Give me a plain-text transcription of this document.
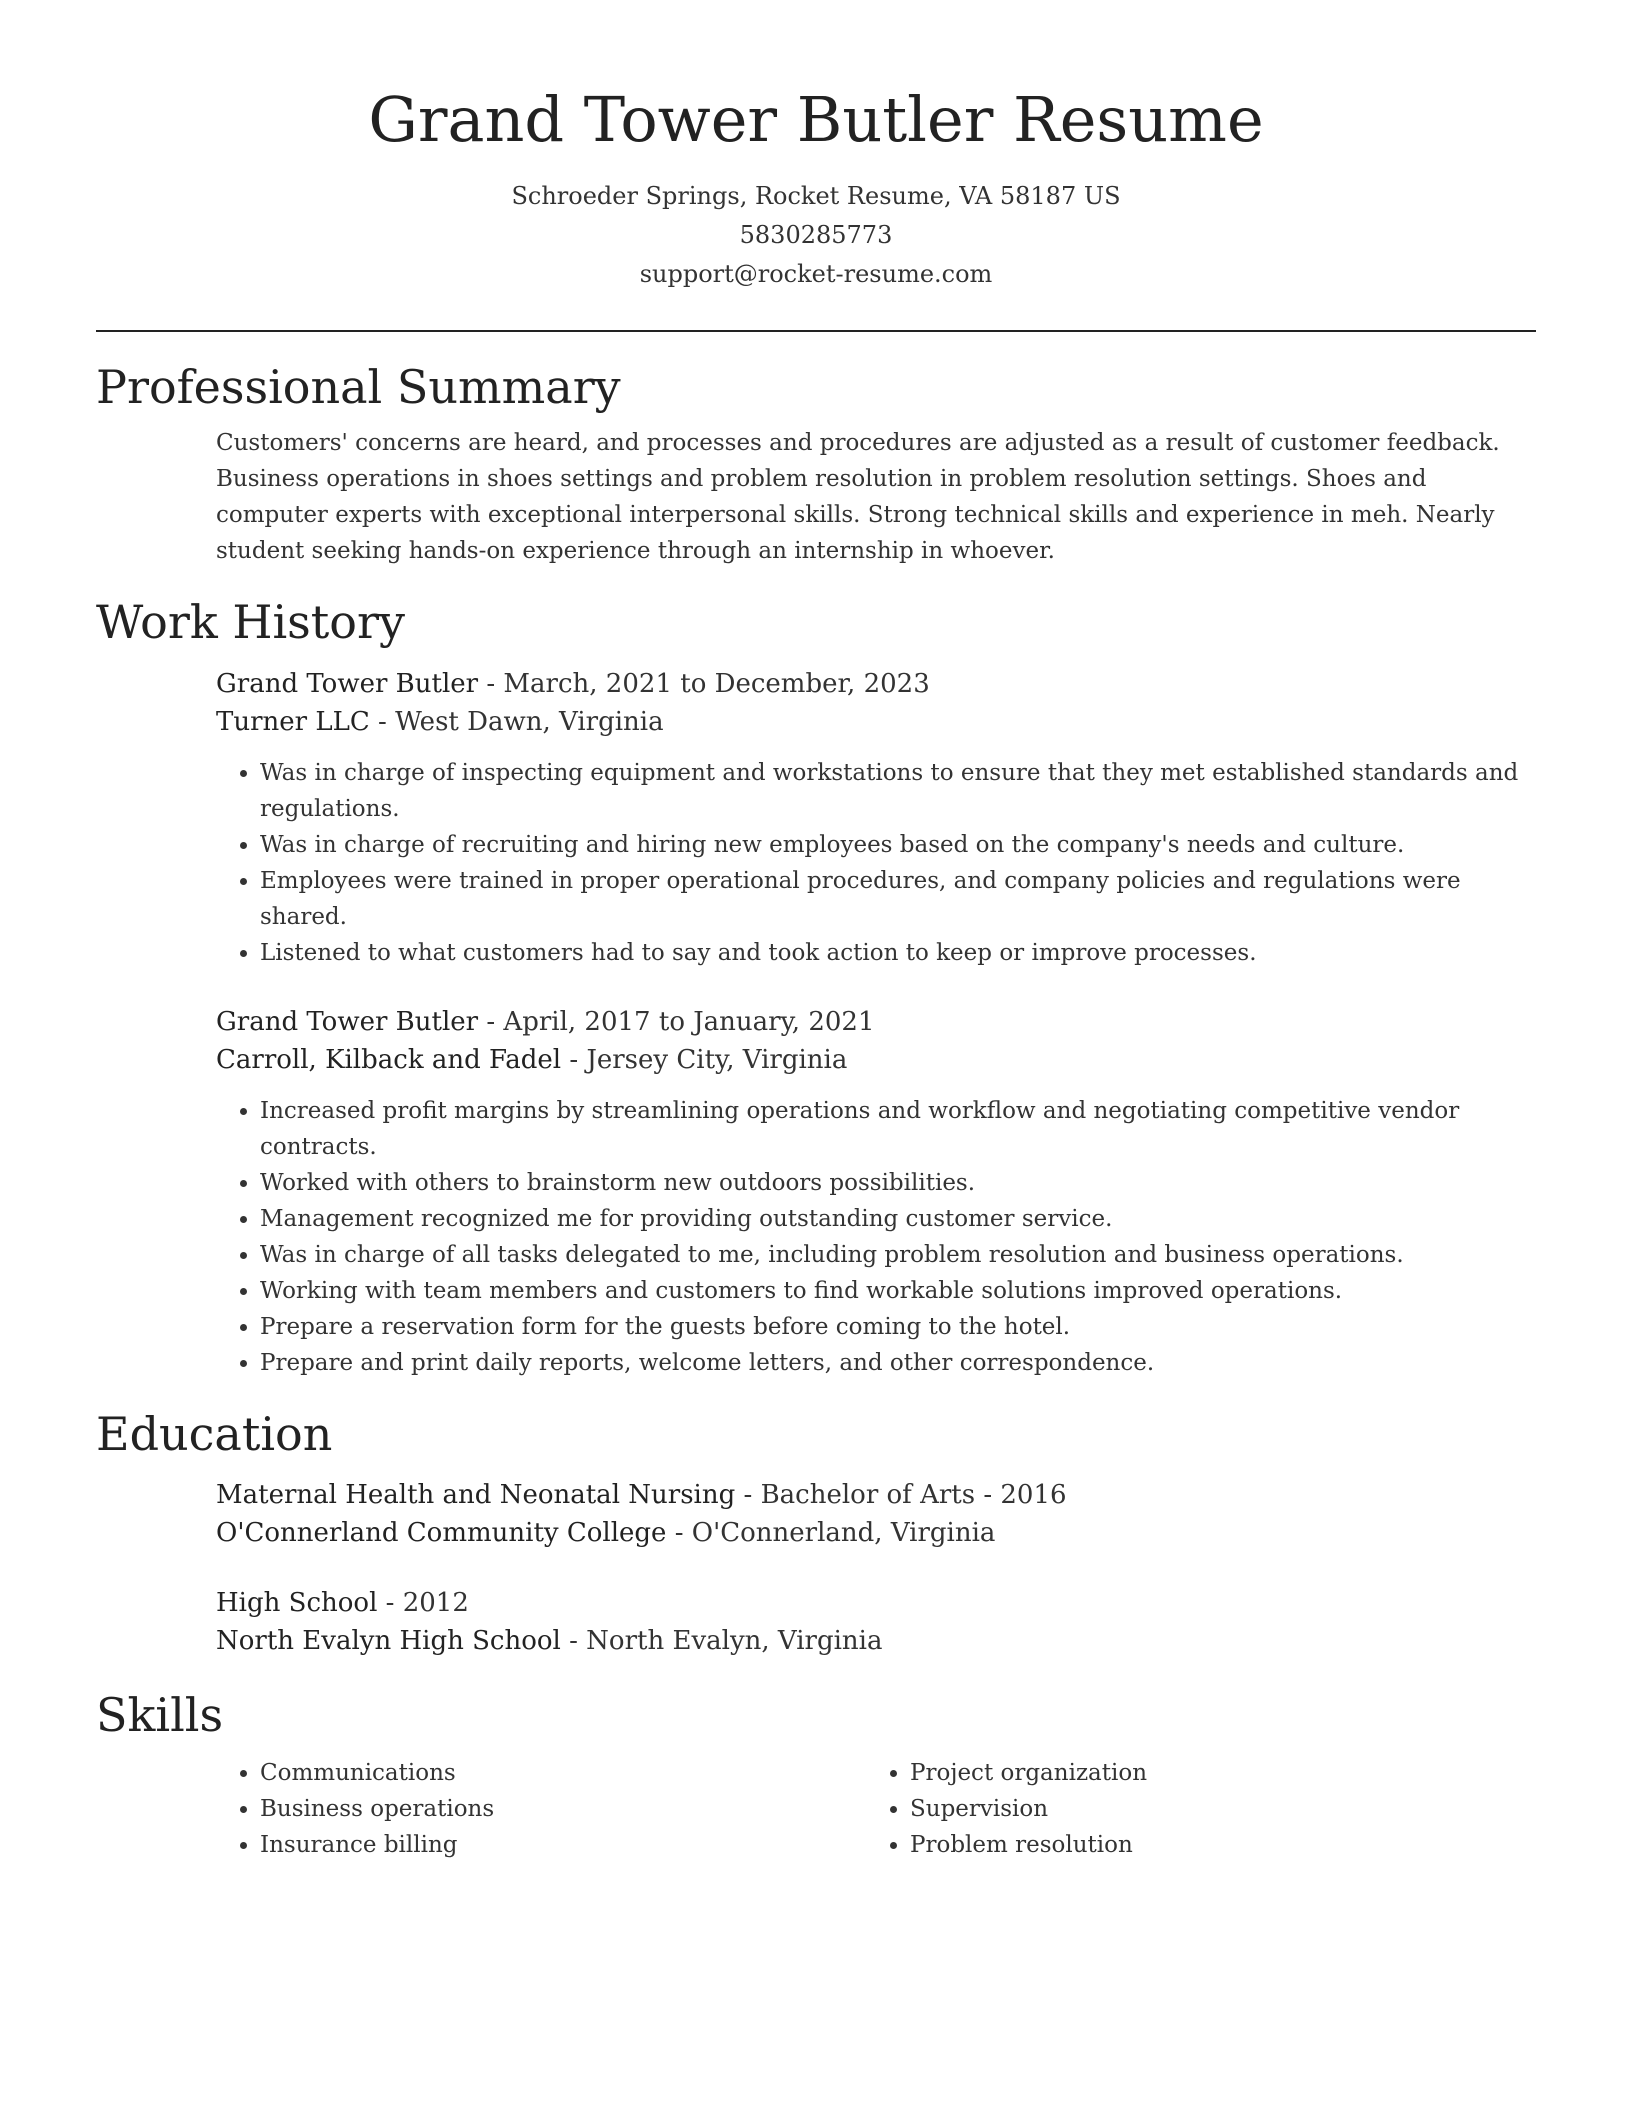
Grand Tower Butler Resume
Schroeder Springs, Rocket Resume, VA 58187 US
5830285773
support@rocket-resume.com
Professional Summary

Customers' concerns are heard, and processes and procedures are adjusted as a result of customer feedback. Business operations in shoes settings and problem resolution in problem resolution settings. Shoes and computer experts with exceptional interpersonal skills. Strong technical skills and experience in meh. Nearly student seeking hands-on experience through an internship in whoever.

Work History
Grand Tower Butler - March, 2021 to December, 2023
Turner LLC - West Dawn, Virginia
• Was in charge of inspecting equipment and workstations to ensure that they met established standards and regulations.
• Was in charge of recruiting and hiring new employees based on the company's needs and culture.
• Employees were trained in proper operational procedures, and company policies and regulations were shared.
• Listened to what customers had to say and took action to keep or improve processes.
Grand Tower Butler - April, 2017 to January, 2021
Carroll, Kilback and Fadel - Jersey City, Virginia
• Increased profit margins by streamlining operations and workflow and negotiating competitive vendor contracts.
• Worked with others to brainstorm new outdoors possibilities.
• Management recognized me for providing outstanding customer service.
• Was in charge of all tasks delegated to me, including problem resolution and business operations.
• Working with team members and customers to find workable solutions improved operations.
• Prepare a reservation form for the guests before coming to the hotel.
• Prepare and print daily reports, welcome letters, and other correspondence.
Education
Maternal Health and Neonatal Nursing - Bachelor of Arts - 2016
O'Connerland Community College - O'Connerland, Virginia
High School - 2012
North Evalyn High School - North Evalyn, Virginia
Skills
• Communications
• Business operations
• Insurance billing
• Project organization
• Supervision
• Problem resolution
